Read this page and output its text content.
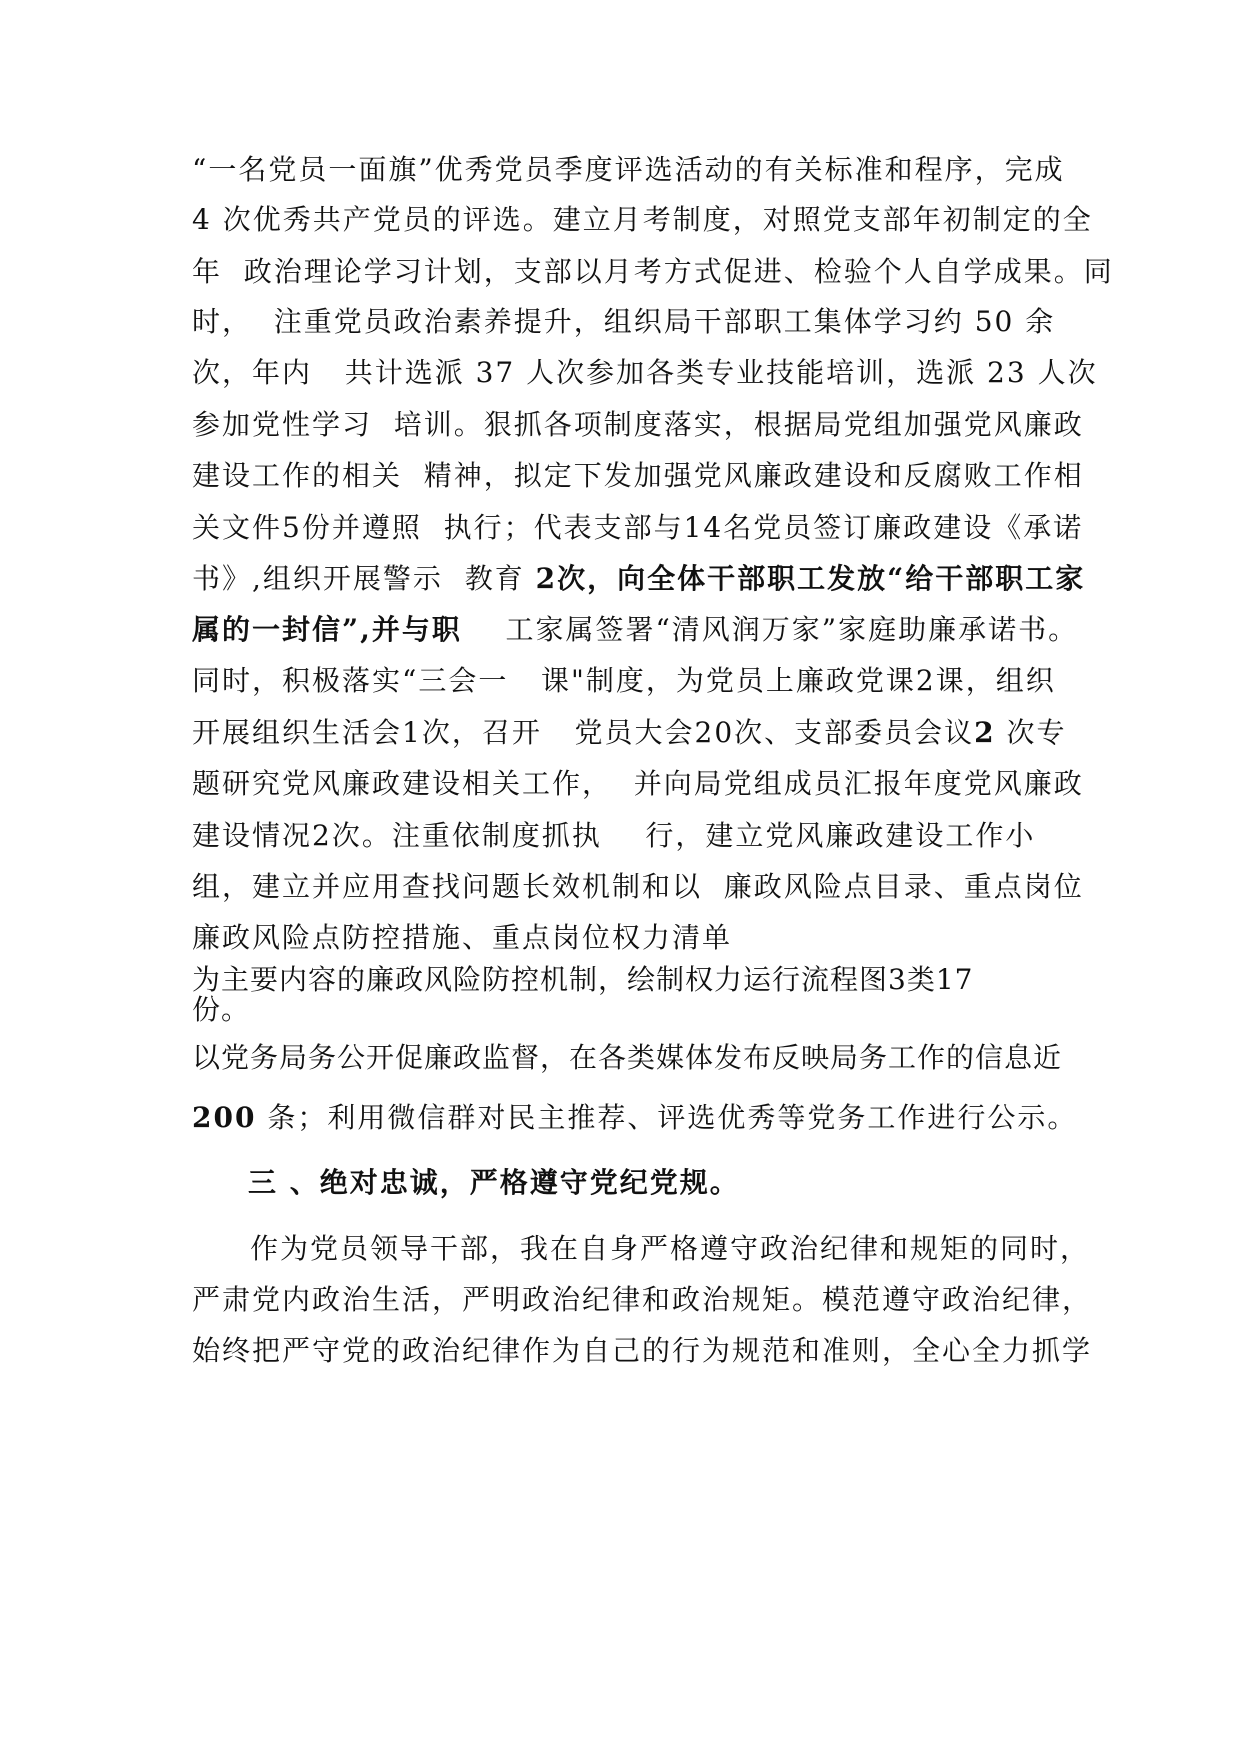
“一名党员一面旗”优秀党员季度评选活动的有关标准和程序，完成
4 次优秀共产党员的评选。建立月考制度，对照党支部年初制定的全
年  政治理论学习计划，支部以月考方式促进、检验个人自学成果。同
时，  注重党员政治素养提升，组织局干部职工集体学习约 50 余
次，年内   共计选派 37 人次参加各类专业技能培训，选派 23 人次
参加党性学习  培训。狠抓各项制度落实，根据局党组加强党风廉政
建设工作的相关  精神，拟定下发加强党风廉政建设和反腐败工作相
关文件5份并遵照  执行；代表支部与14名党员签订廉政建设《承诺
书》,组织开展警示  教育 2次，向全体干部职工发放“给干部职工家
属的一封信”,并与职    工家属签署“清风润万家”家庭助廉承诺书。
同时，积极落实“三会一   课"制度，为党员上廉政党课2课，组织
开展组织生活会1次，召开   党员大会20次、支部委员会议2 次专
题研究党风廉政建设相关工作，  并向局党组成员汇报年度党风廉政
建设情况2次。注重依制度抓执    行，建立党风廉政建设工作小
组，建立并应用查找问题长效机制和以  廉政风险点目录、重点岗位
廉政风险点防控措施、重点岗位权力清单
为主要内容的廉政风险防控机制，绘制权力运行流程图3类17
份。
以党务局务公开促廉政监督，在各类媒体发布反映局务工作的信息近
200 条；利用微信群对民主推荐、评选优秀等党务工作进行公示。
三 、绝对忠诚，严格遵守党纪党规。
作为党员领导干部，我在自身严格遵守政治纪律和规矩的同时，
严肃党内政治生活，严明政治纪律和政治规矩。模范遵守政治纪律，
始终把严守党的政治纪律作为自己的行为规范和准则，全心全力抓学
